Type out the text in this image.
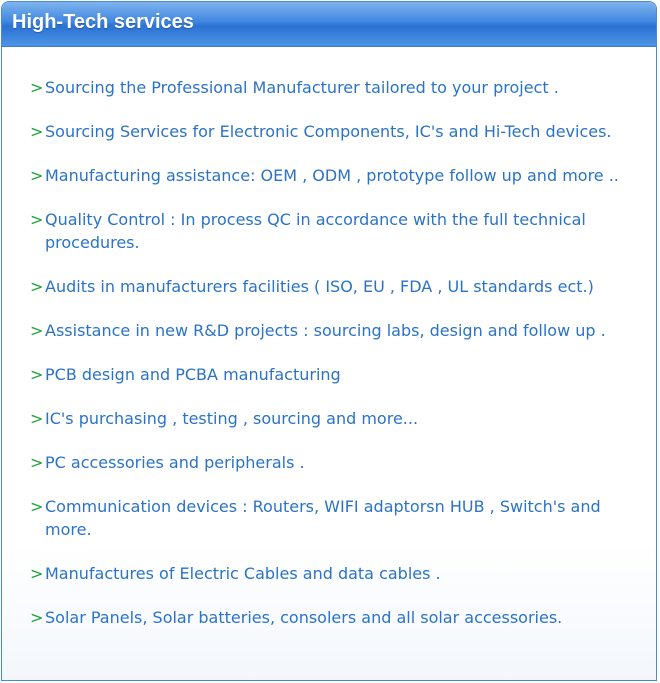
High-Tech services
> Sourcing the Professional Manufacturer tailored to your project .
> Sourcing Services for Electronic Components, IC's and Hi-Tech devices.
> Manufacturing assistance: OEM , ODM , prototype follow up and more ..
> Quality Control : In process QC in accordance with the full technical procedures.
> Audits in manufacturers facilities ( ISO, EU , FDA , UL standards ect.)
> Assistance in new R&D projects : sourcing labs, design and follow up .
> PCB design and PCBA manufacturing
> IC's purchasing , testing , sourcing and more...
> PC accessories and peripherals .
> Communication devices : Routers, WIFI adaptorsn HUB , Switch's and more.
> Manufactures of Electric Cables and data cables .
> Solar Panels, Solar batteries, consolers and all solar accessories.
